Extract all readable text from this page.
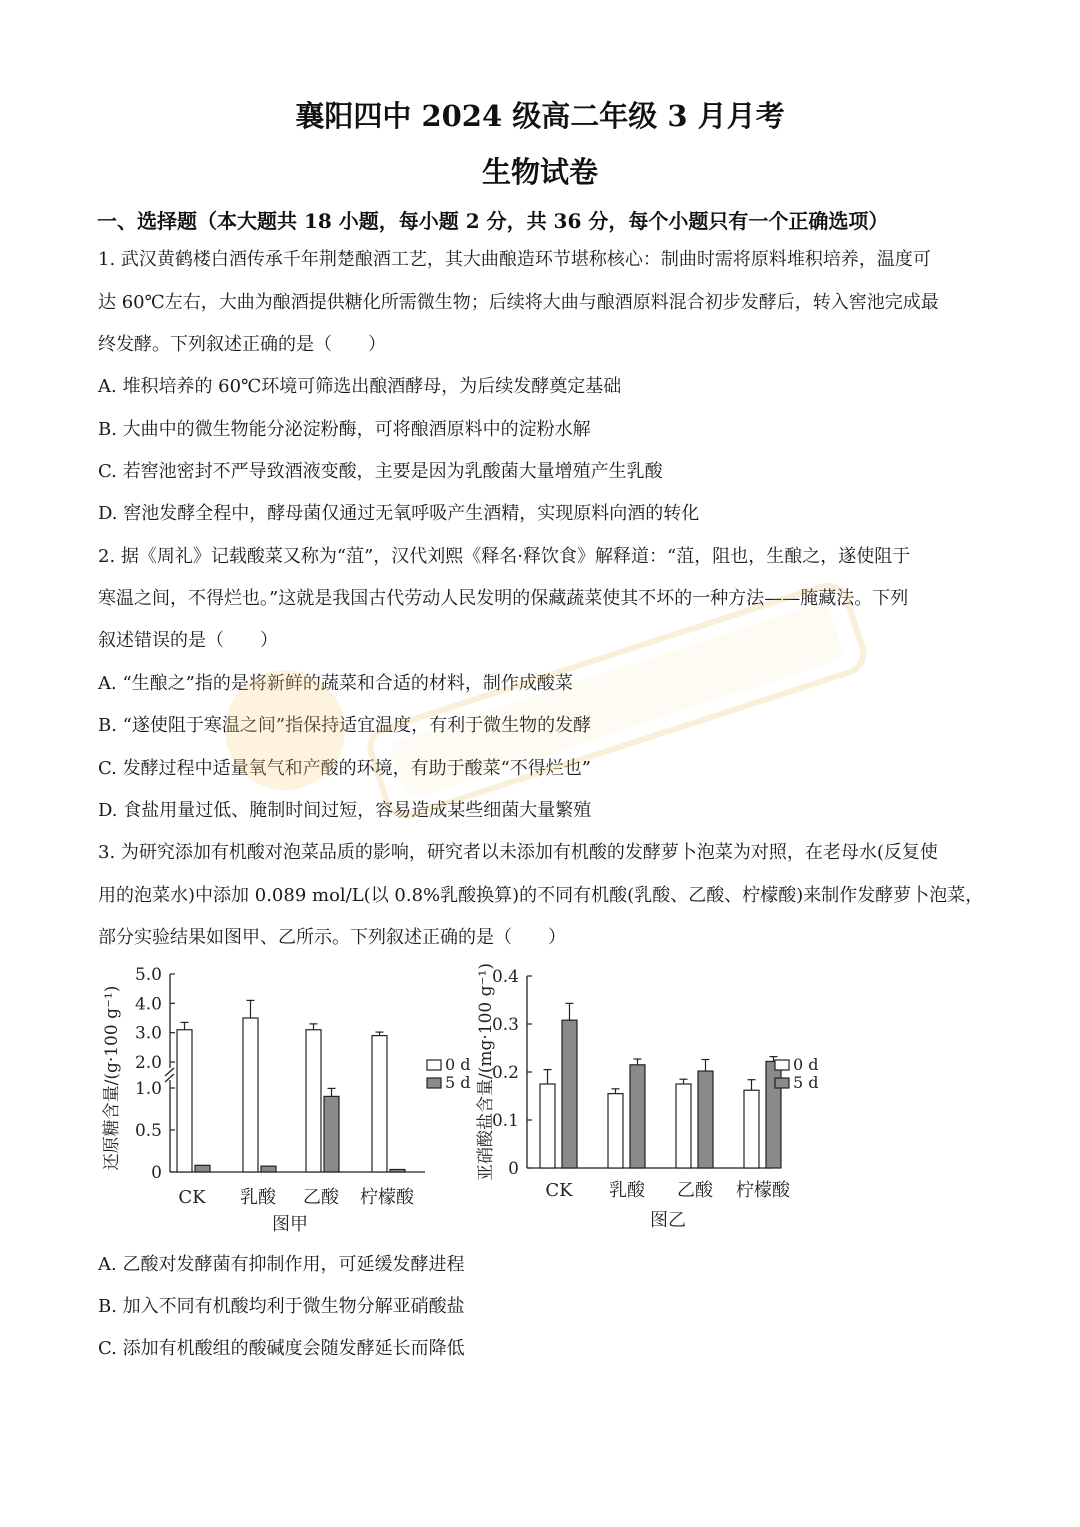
襄阳四中 2024 级高二年级 3 月月考
生物试卷
一、选择题（本大题共 18 小题，每小题 2 分，共 36 分，每个小题只有一个正确选项）
1. 武汉黄鹤楼白酒传承千年荆楚酿酒工艺，其大曲酿造环节堪称核心：制曲时需将原料堆积培养，温度可
达 60℃左右，大曲为酿酒提供糖化所需微生物；后续将大曲与酿酒原料混合初步发酵后，转入窖池完成最
终发酵。下列叙述正确的是（　　）
A. 堆积培养的 60℃环境可筛选出酿酒酵母，为后续发酵奠定基础
B. 大曲中的微生物能分泌淀粉酶，可将酿酒原料中的淀粉水解
C. 若窖池密封不严导致酒液变酸，主要是因为乳酸菌大量增殖产生乳酸
D. 窖池发酵全程中，酵母菌仅通过无氧呼吸产生酒精，实现原料向酒的转化
2. 据《周礼》记载酸菜又称为“菹”，汉代刘熙《释名·释饮食》解释道：“菹，阻也，生酿之，遂使阻于
寒温之间，不得烂也。”这就是我国古代劳动人民发明的保藏蔬菜使其不坏的一种方法——腌藏法。下列
叙述错误的是（　　）
A. “生酿之”指的是将新鲜的蔬菜和合适的材料，制作成酸菜
B. “遂使阻于寒温之间”指保持适宜温度，有利于微生物的发酵
C. 发酵过程中适量氧气和产酸的环境，有助于酸菜“不得烂也”
D. 食盐用量过低、腌制时间过短，容易造成某些细菌大量繁殖
3. 为研究添加有机酸对泡菜品质的影响，研究者以未添加有机酸的发酵萝卜泡菜为对照，在老母水(反复使
用的泡菜水)中添加 0.089 mol/L(以 0.8%乳酸换算)的不同有机酸(乳酸、乙酸、柠檬酸)来制作发酵萝卜泡菜，
部分实验结果如图甲、乙所示。下列叙述正确的是（　　）
0
0.5
1.0
2.0
3.0
4.0
5.0
还原糖含量/(g·100 g⁻¹)
CK 乳酸 乙酸 柠檬酸
图甲
0
0.1
0.2
0.3
0.4
亚硝酸盐含量/(mg·100 g⁻¹)
CK 乳酸 乙酸 柠檬酸
图乙
0 d
5 d
0 d
5 d
A. 乙酸对发酵菌有抑制作用，可延缓发酵进程
B. 加入不同有机酸均利于微生物分解亚硝酸盐
C. 添加有机酸组的酸碱度会随发酵延长而降低
